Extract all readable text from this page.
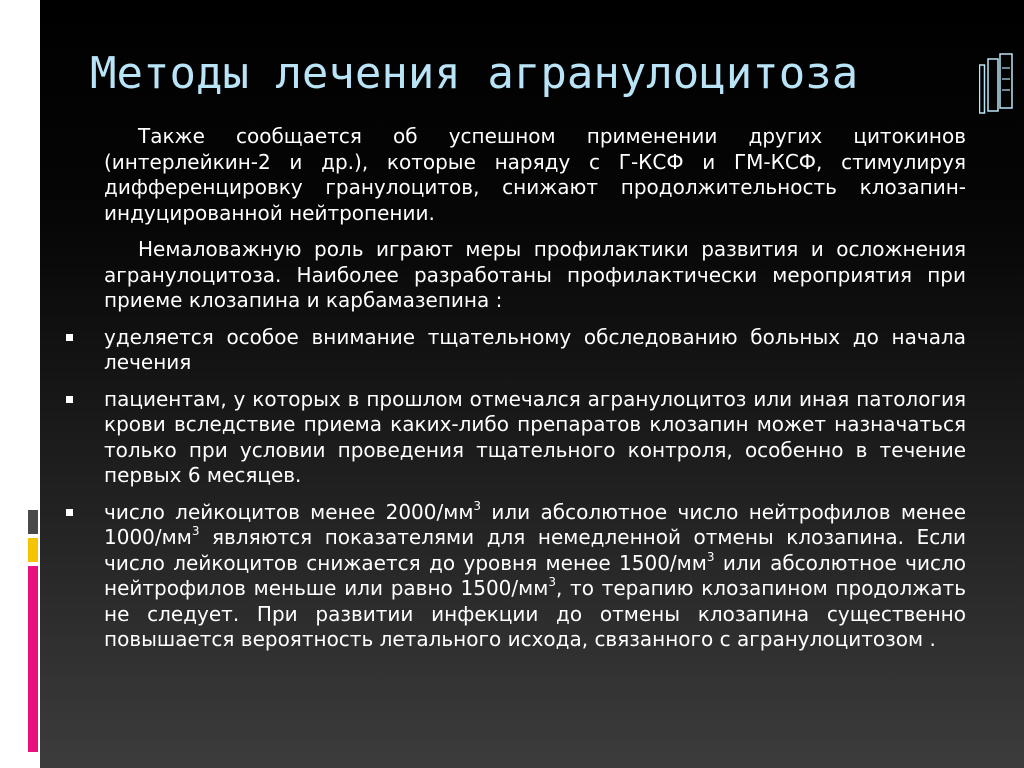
Методы лечения агранулоцитоза

Также сообщается об успешном применении других цитокинов (интерлейкин-2 и др.), которые наряду с Г-КСФ и ГМ-КСФ, стимулируя дифференцировку гранулоцитов, снижают продолжительность клозапин-индуцированной нейтропении.

Немаловажную роль играют меры профилактики развития и осложнения агранулоцитоза. Наиболее разработаны профилактически мероприятия при приеме клозапина и карбамазепина :

уделяется особое внимание тщательному обследованию больных до начала лечения
пациентам, у которых в прошлом отмечался агранулоцитоз или иная патология крови вследствие приема каких-либо препаратов клозапин может назначаться только при условии проведения тщательного контроля, особенно в течение первых 6 месяцев.
число лейкоцитов менее $2000/мм^3$ или абсолютное число нейтрофилов менее $1000/мм^3$ являются показателями для немедленной отмены клозапина. Если число лейкоцитов снижается до уровня менее $1500/мм^3$ или абсолютное число нейтрофилов меньше или равно $1500/мм^3$, то терапию клозапином продолжать не следует. При развитии инфекции до отмены клозапина существенно повышается вероятность летального исхода, связанного с агранулоцитозом .
